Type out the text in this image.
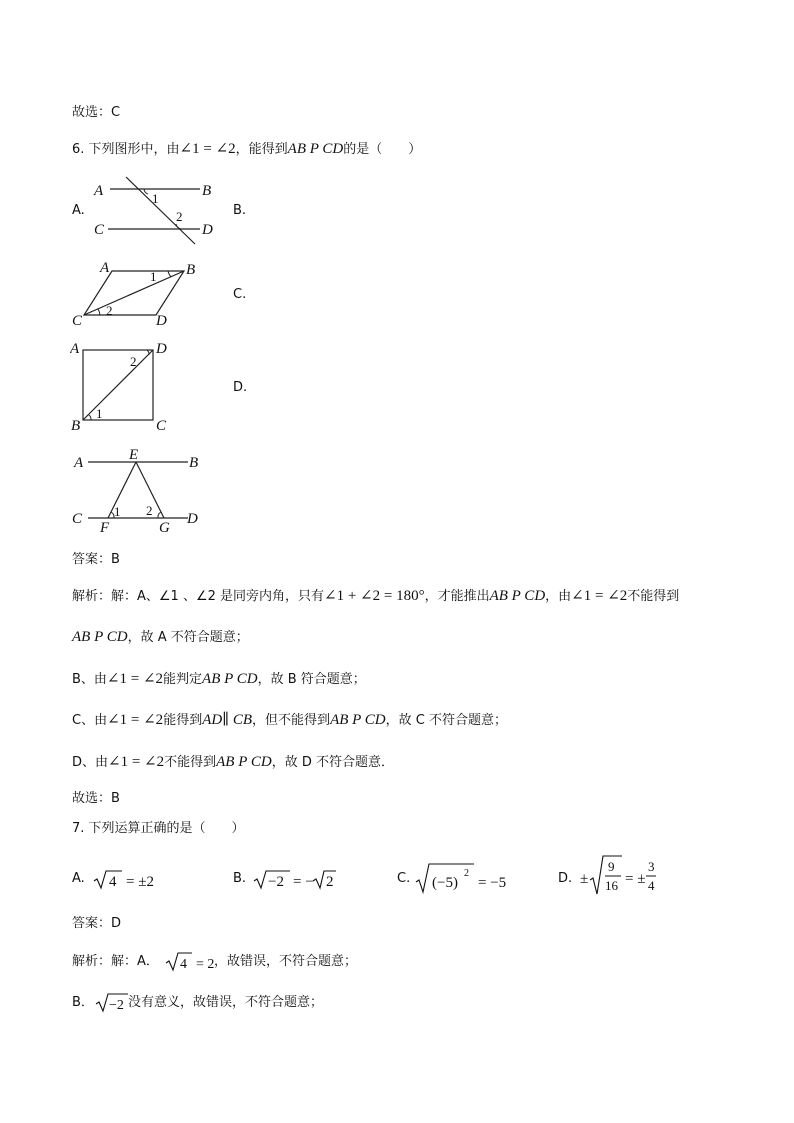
故选：C
6. 下列图形中，由∠1 = ∠2，能得到AB P CD的是（　　）
A.	B.
C.
D.
A	B
C	D
1
2
A	B
C	D
1
2
A	D
B	C
2
1
A	B
E
C	D
F	G
1 2
答案：B
解析：解：A、∠1 、∠2 是同旁内角，只有∠1 + ∠2 = 180°，才能推出AB P CD，由∠1 = ∠2不能得到
AB P CD，故 A 不符合题意；
B、由∠1 = ∠2能判定AB P CD，故 B 符合题意；
C、由∠1 = ∠2能得到AD∥ CB，但不能得到AB P CD，故 C 不符合题意；
D、由∠1 = ∠2不能得到AB P CD，故 D 不符合题意．
故选：B
7. 下列运算正确的是（　　）
A. 4 = ±2	B. −2 = − 2	C. (−5)
2
= −5	D. ±
9
16 = ±
3
4
答案：D
解析：解：A． 4 = 2 ，故错误，不符合题意；
B． −2 没有意义，故错误，不符合题意；
